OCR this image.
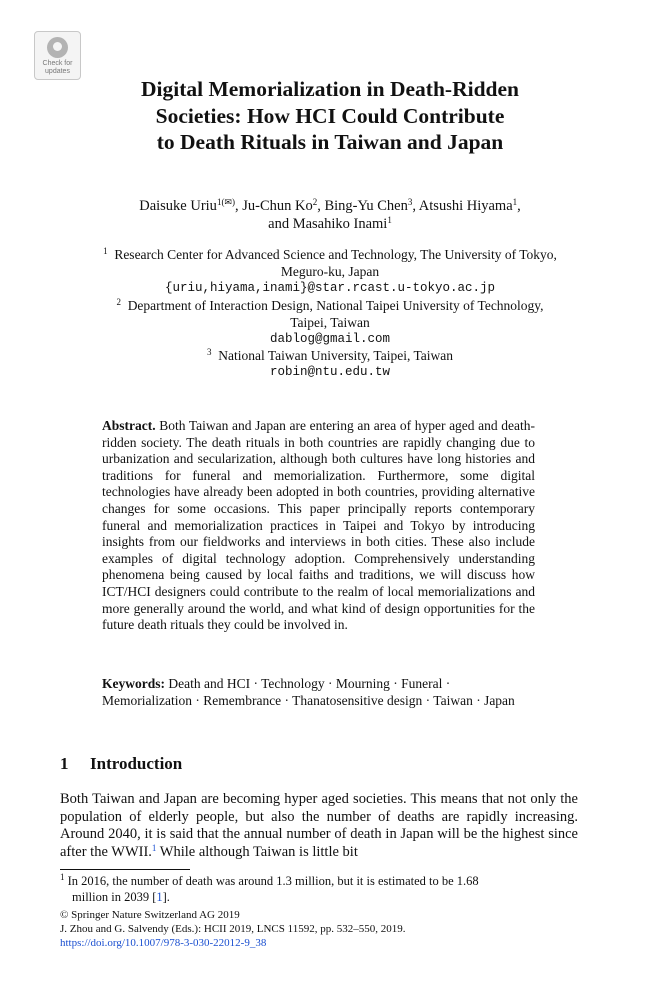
Check for
updates
Digital Memorialization in Death-Ridden
Societies: How HCI Could Contribute
to Death Rituals in Taiwan and Japan
Daisuke Uriu$^{1(✉)}$, Ju-Chun Ko$^2$, Bing-Yu Chen$^3$, Atsushi Hiyama$^1$,
and Masahiko Inami$^1$
$^1$ Research Center for Advanced Science and Technology, The University of Tokyo,
Meguro-ku, Japan
{uriu,hiyama,inami}@star.rcast.u-tokyo.ac.jp
$^2$ Department of Interaction Design, National Taipei University of Technology,
Taipei, Taiwan
dablog@gmail.com
$^3$ National Taiwan University, Taipei, Taiwan
robin@ntu.edu.tw
Abstract. Both Taiwan and Japan are entering an area of hyper aged and death-ridden society. The death rituals in both countries are rapidly changing due to urbanization and secularization, although both cultures have long histories and traditions for funeral and memorialization. Furthermore, some digital technologies have already been adopted in both countries, providing alternative changes for some occasions. This paper principally reports contemporary funeral and memorialization practices in Taipei and Tokyo by introducing insights from our fieldworks and interviews in both cities. These also include examples of digital technology adoption. Comprehensively understanding phenomena being caused by local faiths and traditions, we will discuss how ICT/HCI designers could contribute to the realm of local memorializations and more generally around the world, and what kind of design opportunities for the future death rituals they could be involved in.
Keywords: Death and HCI · Technology · Mourning · Funeral · Memorialization · Remembrance · Thanatosensitive design · Taiwan · Japan
1 Introduction
Both Taiwan and Japan are becoming hyper aged societies. This means that not only the population of elderly people, but also the number of deaths are rapidly increasing. Around 2040, it is said that the annual number of death in Japan will be the highest since after the WWII.$^1$ While although Taiwan is little bit
$^1$ In 2016, the number of death was around 1.3 million, but it is estimated to be 1.68
million in 2039 [1].
© Springer Nature Switzerland AG 2019
J. Zhou and G. Salvendy (Eds.): HCII 2019, LNCS 11592, pp. 532–550, 2019.
https://doi.org/10.1007/978-3-030-22012-9_38
